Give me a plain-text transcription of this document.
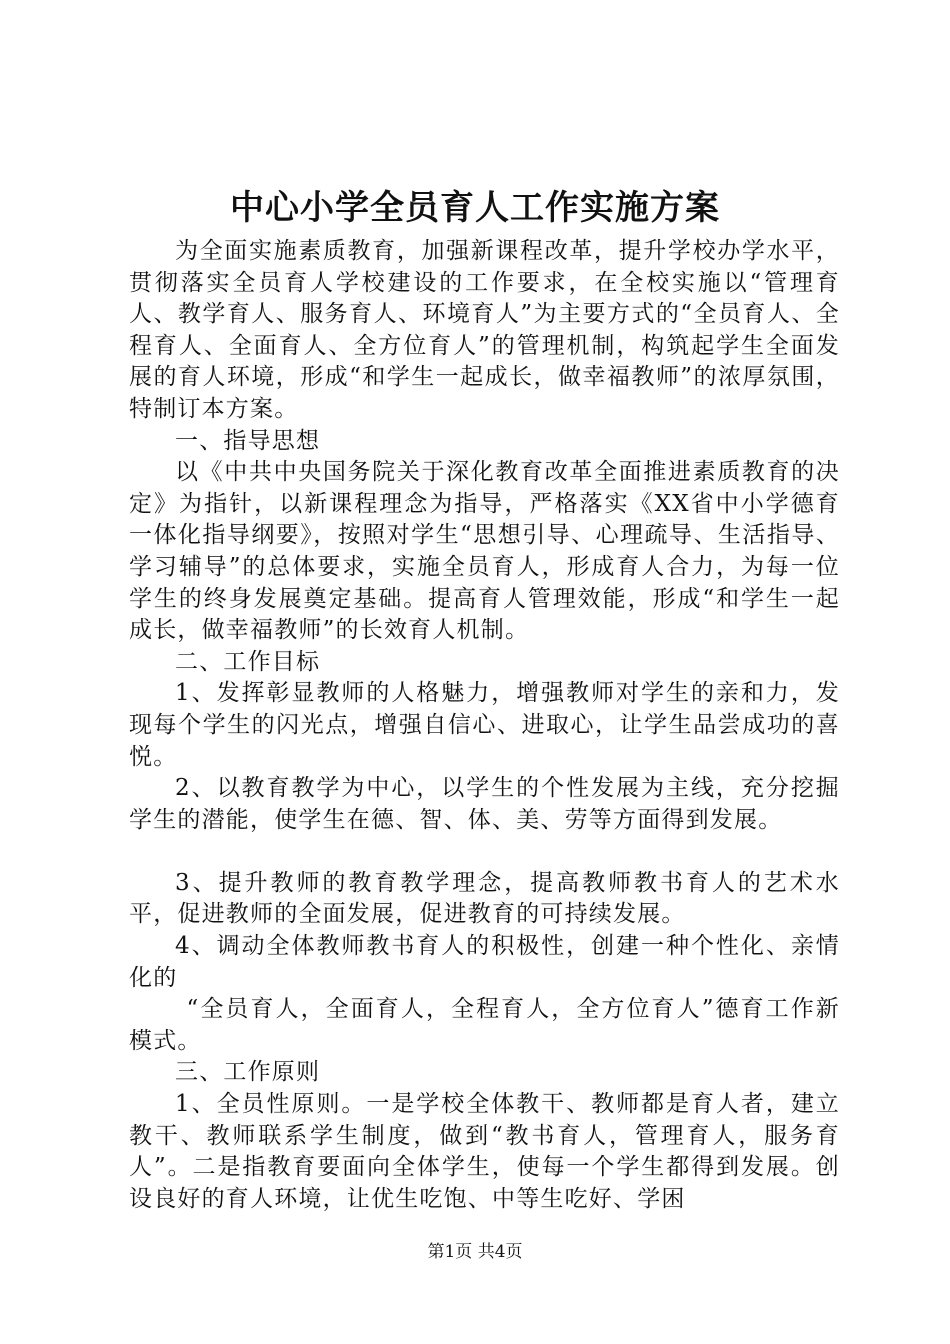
中心小学全员育人工作实施方案

为全面实施素质教育，加强新课程改革，提升学校办学水平，贯彻落实全员育人学校建设的工作要求，在全校实施以“管理育人、教学育人、服务育人、环境育人”为主要方式的“全员育人、全程育人、全面育人、全方位育人”的管理机制，构筑起学生全面发展的育人环境，形成“和学生一起成长，做幸福教师”的浓厚氛围，特制订本方案。

一、指导思想

以《中共中央国务院关于深化教育改革全面推进素质教育的决定》为指针，以新课程理念为指导，严格落实《XX省中小学德育一体化指导纲要》，按照对学生“思想引导、心理疏导、生活指导、学习辅导”的总体要求，实施全员育人，形成育人合力，为每一位学生的终身发展奠定基础。提高育人管理效能，形成“和学生一起成长，做幸福教师”的长效育人机制。

二、工作目标

1、发挥彰显教师的人格魅力，增强教师对学生的亲和力，发现每个学生的闪光点，增强自信心、进取心，让学生品尝成功的喜悦。

2、以教育教学为中心，以学生的个性发展为主线，充分挖掘学生的潜能，使学生在德、智、体、美、劳等方面得到发展。

3、提升教师的教育教学理念，提高教师教书育人的艺术水平，促进教师的全面发展，促进教育的可持续发展。

4、调动全体教师教书育人的积极性，创建一种个性化、亲情化的

“全员育人，全面育人，全程育人，全方位育人”德育工作新模式。

三、工作原则

1、全员性原则。一是学校全体教干、教师都是育人者，建立教干、教师联系学生制度，做到“教书育人，管理育人，服务育人”。二是指教育要面向全体学生，使每一个学生都得到发展。创设良好的育人环境，让优生吃饱、中等生吃好、学困

第1页 共4页
